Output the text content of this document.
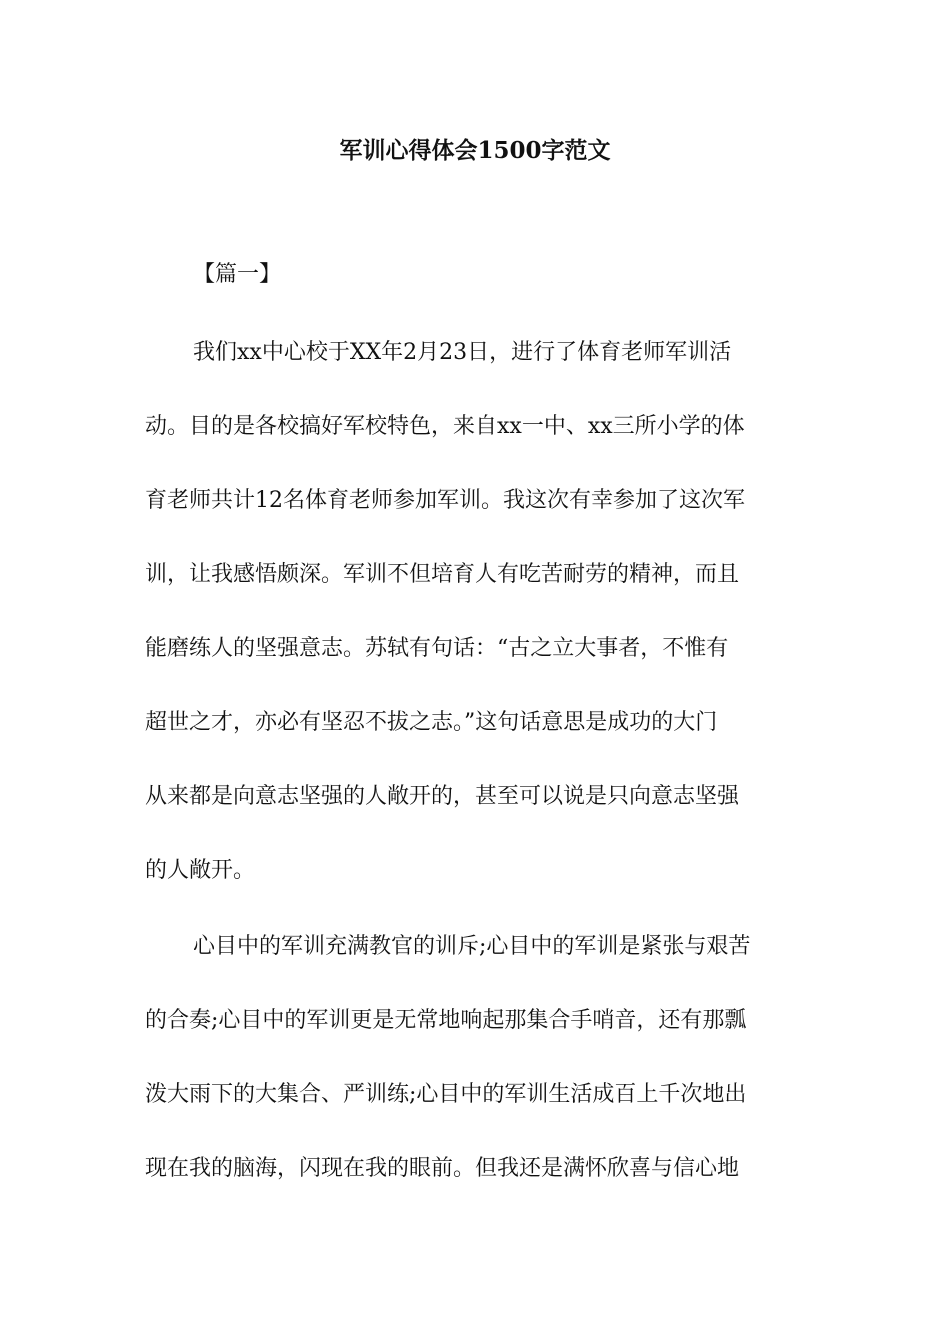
军训心得体会1500字范文

【篇一】

我们xx中心校于XX年2月23日，进行了体育老师军训活

动。目的是各校搞好军校特色，来自xx一中、xx三所小学的体

育老师共计12名体育老师参加军训。我这次有幸参加了这次军

训，让我感悟颇深。军训不但培育人有吃苦耐劳的精神，而且

能磨练人的坚强意志。苏轼有句话：“古之立大事者，不惟有

超世之才，亦必有坚忍不拔之志。”这句话意思是成功的大门

从来都是向意志坚强的人敞开的，甚至可以说是只向意志坚强

的人敞开。

心目中的军训充满教官的训斥;心目中的军训是紧张与艰苦

的合奏;心目中的军训更是无常地响起那集合手哨音，还有那瓢

泼大雨下的大集合、严训练;心目中的军训生活成百上千次地出

现在我的脑海，闪现在我的眼前。但我还是满怀欣喜与信心地
